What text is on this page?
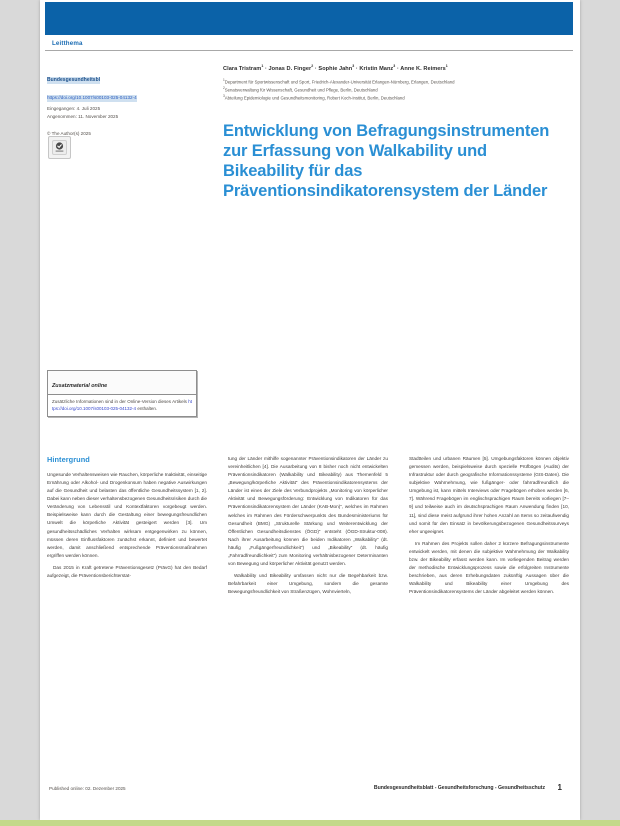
Leitthema
Bundesgesundheitsbl
https://doi.org/10.1007/s00103-025-04132-4
Eingegangen: 4. Juli 2025
Angenommen: 11. November 2025
© The Author(s) 2025
Clara Tristram$^1$ · Jonas D. Finger$^2$ · Sophie Jahn$^3$ · Kristin Manz$^3$ · Anne K. Reimers$^1$
$^1$Department für Sportwissenschaft und Sport, Friedrich-Alexander-Universität Erlangen-Nürnberg, Erlangen, Deutschland
$^2$Senatsverwaltung für Wissenschaft, Gesundheit und Pflege, Berlin, Deutschland
$^3$Abteilung Epidemiologie und Gesundheitsmonitoring, Robert Koch-Institut, Berlin, Deutschland
Entwicklung von Befragungsinstrumenten zur Erfassung von Walkability und Bikeability für das Präventionsindikatorensystem der Länder
Zusatzmaterial online
Zusätzliche Informationen sind in der Online-Version dieses Artikels https://doi.org/10.1007/s00103-025-04132-4 enthalten.
Hintergrund

Ungesunde Verhaltensweisen wie Rauchen, körperliche Inaktivität, einseitige Ernährung oder Alkohol- und Drogenkonsum haben negative Auswirkungen auf die Gesundheit und belasten das öffentliche Gesundheitssystem [1, 2]. Dabei kann neben dieser verhaltensbezogenen Gesundheitsrisiken durch die Veränderung von Lebensstil und Kontextfaktoren vorgebeugt werden. Beispielsweise kann durch die Gestaltung einer bewegungsfreundlichen Umwelt die körperliche Aktivität gesteigert werden [3]. Um gesundheitsschädliches Verhalten wirksam entgegenwirken zu können, müssen deren Einflussfaktoren zunächst erkannt, definiert und bewertet werden, damit anschließend entsprechende Präventionsmaßnahmen ergriffen werden können.

Das 2015 in Kraft getretene Präventionsgesetz (PrävG) hat den Bedarf aufgezeigt, die Präventionsberichterstat-

tung der Länder mithilfe sogenannter Präventionsindikatoren der Länder zu vereinheitlichen [4]. Die Ausarbeitung von 8 bisher noch nicht entwickelten Präventionsindikatoren (Walkability und Bikeability) aus Themenfeld 5 „Bewegung/körperliche Aktivität“ des Präventionsindikatorensystems der Länder ist eines der Ziele des Verbundprojekts „Monitoring von körperlicher Aktivität und Bewegungsförderung: Entwicklung von Indikatoren für das Präventionsindikatorensystem der Länder (KAB-Mon)“, welches im Rahmen welches im Rahmen des Förderschwerpunkts des Bundesministeriums für Gesundheit (BMG) „Strukturelle Stärkung und Weiterentwicklung der Öffentlichen Gesundheitsdienstes (ÖGD)“ entsteht (ÖGD-Struktur-008). Nach ihrer Ausarbeitung können die beiden Indikatoren „Walkability“ (dt. häufig „Fußgängerfreundlichkeit“) und „Bikeability“ (dt. häufig „Fahrradfreundlichkeit“) zum Monitoring verhältnisbezogener Determinanten von Bewegung und körperlicher Aktivität genutzt werden.

Walkability und Bikeability umfassen nicht nur die Begehbarkeit bzw. Befahrbarkeit einer Umgebung, sondern die gesamte Bewegungsfreundlichkeit von Straßenzügen, Wohnvierteln,

Stadtteilen und urbanen Räumen [5]. Umgebungsfaktoren können objektiv gemessen werden, beispielsweise durch spezielle Prüfbögen (Audits) der Infrastruktur oder durch geografische Informationssysteme (GIS-Daten). Die subjektive Wahrnehmung, wie fußgänger- oder fahrradfreundlich die Umgebung ist, kann mittels Interviews oder Fragebögen erhoben werden [6, 7]. Während Fragebögen im englischsprachigen Raum bereits vorliegen [7–9] und teilweise auch im deutschsprachigen Raum Anwendung finden [10, 11], sind diese meist aufgrund ihrer hohen Anzahl an Items so zeitaufwendig und somit für den Einsatz in bevölkerungsbezogenen Gesundheitssurveys eher ungeeignet.

Im Rahmen des Projekts sollen daher 2 kürzere Befragungsinstrumente entwickelt werden, mit denen die subjektive Wahrnehmung der Walkability bzw. der Bikeability erfasst werden kann. Im vorliegenden Beitrag werden der methodische Entwicklungsprozess sowie die erfolgreiten Instrumente beschrieben, aus deren Erhebungsdaten zukünftig Aussagen über die Walkability und Bikeability einer Umgebung des Präventionsindikatorensystems der Länder abgeleitet werden können.

Published online: 02. Dezember 2025	Bundesgesundheitsblatt - Gesundheitsforschung - Gesundheitsschutz 1
